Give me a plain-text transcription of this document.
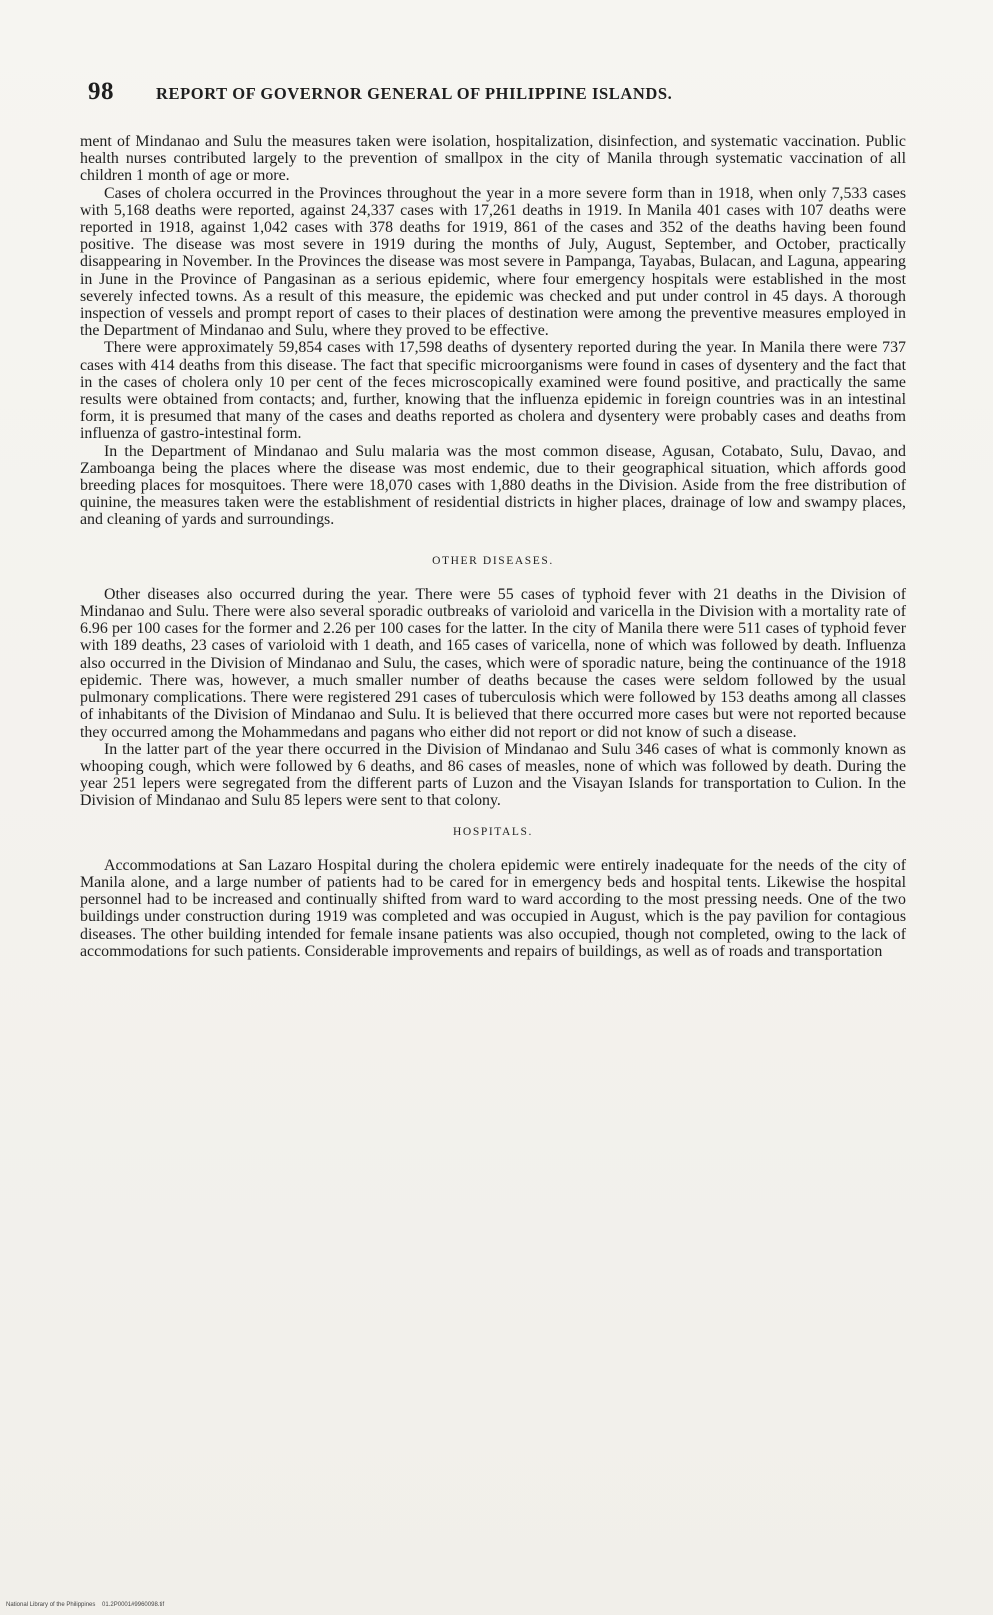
98	REPORT OF GOVERNOR GENERAL OF PHILIPPINE ISLANDS.

ment of Mindanao and Sulu the measures taken were isolation, hospitalization, disinfection, and systematic vaccination. Public health nurses contributed largely to the prevention of smallpox in the city of Manila through systematic vaccination of all children 1 month of age or more.

Cases of cholera occurred in the Provinces throughout the year in a more severe form than in 1918, when only 7,533 cases with 5,168 deaths were reported, against 24,337 cases with 17,261 deaths in 1919. In Manila 401 cases with 107 deaths were reported in 1918, against 1,042 cases with 378 deaths for 1919, 861 of the cases and 352 of the deaths having been found positive. The disease was most severe in 1919 during the months of July, August, September, and October, practically disappearing in November. In the Provinces the disease was most severe in Pampanga, Tayabas, Bulacan, and Laguna, appearing in June in the Province of Pangasinan as a serious epidemic, where four emergency hospitals were established in the most severely infected towns. As a result of this measure, the epidemic was checked and put under control in 45 days. A thorough inspection of vessels and prompt report of cases to their places of destination were among the preventive measures employed in the Department of Mindanao and Sulu, where they proved to be effective.

There were approximately 59,854 cases with 17,598 deaths of dysentery reported during the year. In Manila there were 737 cases with 414 deaths from this disease. The fact that specific microorganisms were found in cases of dysentery and the fact that in the cases of cholera only 10 per cent of the feces microscopically examined were found positive, and practically the same results were obtained from contacts; and, further, knowing that the influenza epidemic in foreign countries was in an intestinal form, it is presumed that many of the cases and deaths reported as cholera and dysentery were probably cases and deaths from influenza of gastro-intestinal form.

In the Department of Mindanao and Sulu malaria was the most common disease, Agusan, Cotabato, Sulu, Davao, and Zamboanga being the places where the disease was most endemic, due to their geographical situation, which affords good breeding places for mosquitoes. There were 18,070 cases with 1,880 deaths in the Division. Aside from the free distribution of quinine, the measures taken were the establishment of residential districts in higher places, drainage of low and swampy places, and cleaning of yards and surroundings.

OTHER DISEASES.

Other diseases also occurred during the year. There were 55 cases of typhoid fever with 21 deaths in the Division of Mindanao and Sulu. There were also several sporadic outbreaks of varioloid and varicella in the Division with a mortality rate of 6.96 per 100 cases for the former and 2.26 per 100 cases for the latter. In the city of Manila there were 511 cases of typhoid fever with 189 deaths, 23 cases of varioloid with 1 death, and 165 cases of varicella, none of which was followed by death. Influenza also occurred in the Division of Mindanao and Sulu, the cases, which were of sporadic nature, being the continuance of the 1918 epidemic. There was, however, a much smaller number of deaths because the cases were seldom followed by the usual pulmonary complications. There were registered 291 cases of tuberculosis which were followed by 153 deaths among all classes of inhabitants of the Division of Mindanao and Sulu. It is believed that there occurred more cases but were not reported because they occurred among the Mohammedans and pagans who either did not report or did not know of such a disease.

In the latter part of the year there occurred in the Division of Mindanao and Sulu 346 cases of what is commonly known as whooping cough, which were followed by 6 deaths, and 86 cases of measles, none of which was followed by death. During the year 251 lepers were segregated from the different parts of Luzon and the Visayan Islands for transportation to Culion. In the Division of Mindanao and Sulu 85 lepers were sent to that colony.

HOSPITALS.

Accommodations at San Lazaro Hospital during the cholera epidemic were entirely inadequate for the needs of the city of Manila alone, and a large number of patients had to be cared for in emergency beds and hospital tents. Likewise the hospital personnel had to be increased and continually shifted from ward to ward according to the most pressing needs. One of the two buildings under construction during 1919 was completed and was occupied in August, which is the pay pavilion for contagious diseases. The other building intended for female insane patients was also occupied, though not completed, owing to the lack of accommodations for such patients. Considerable improvements and repairs of buildings, as well as of roads and transportation

National Library of the Philippines    01.2P0001#9960098.tif
